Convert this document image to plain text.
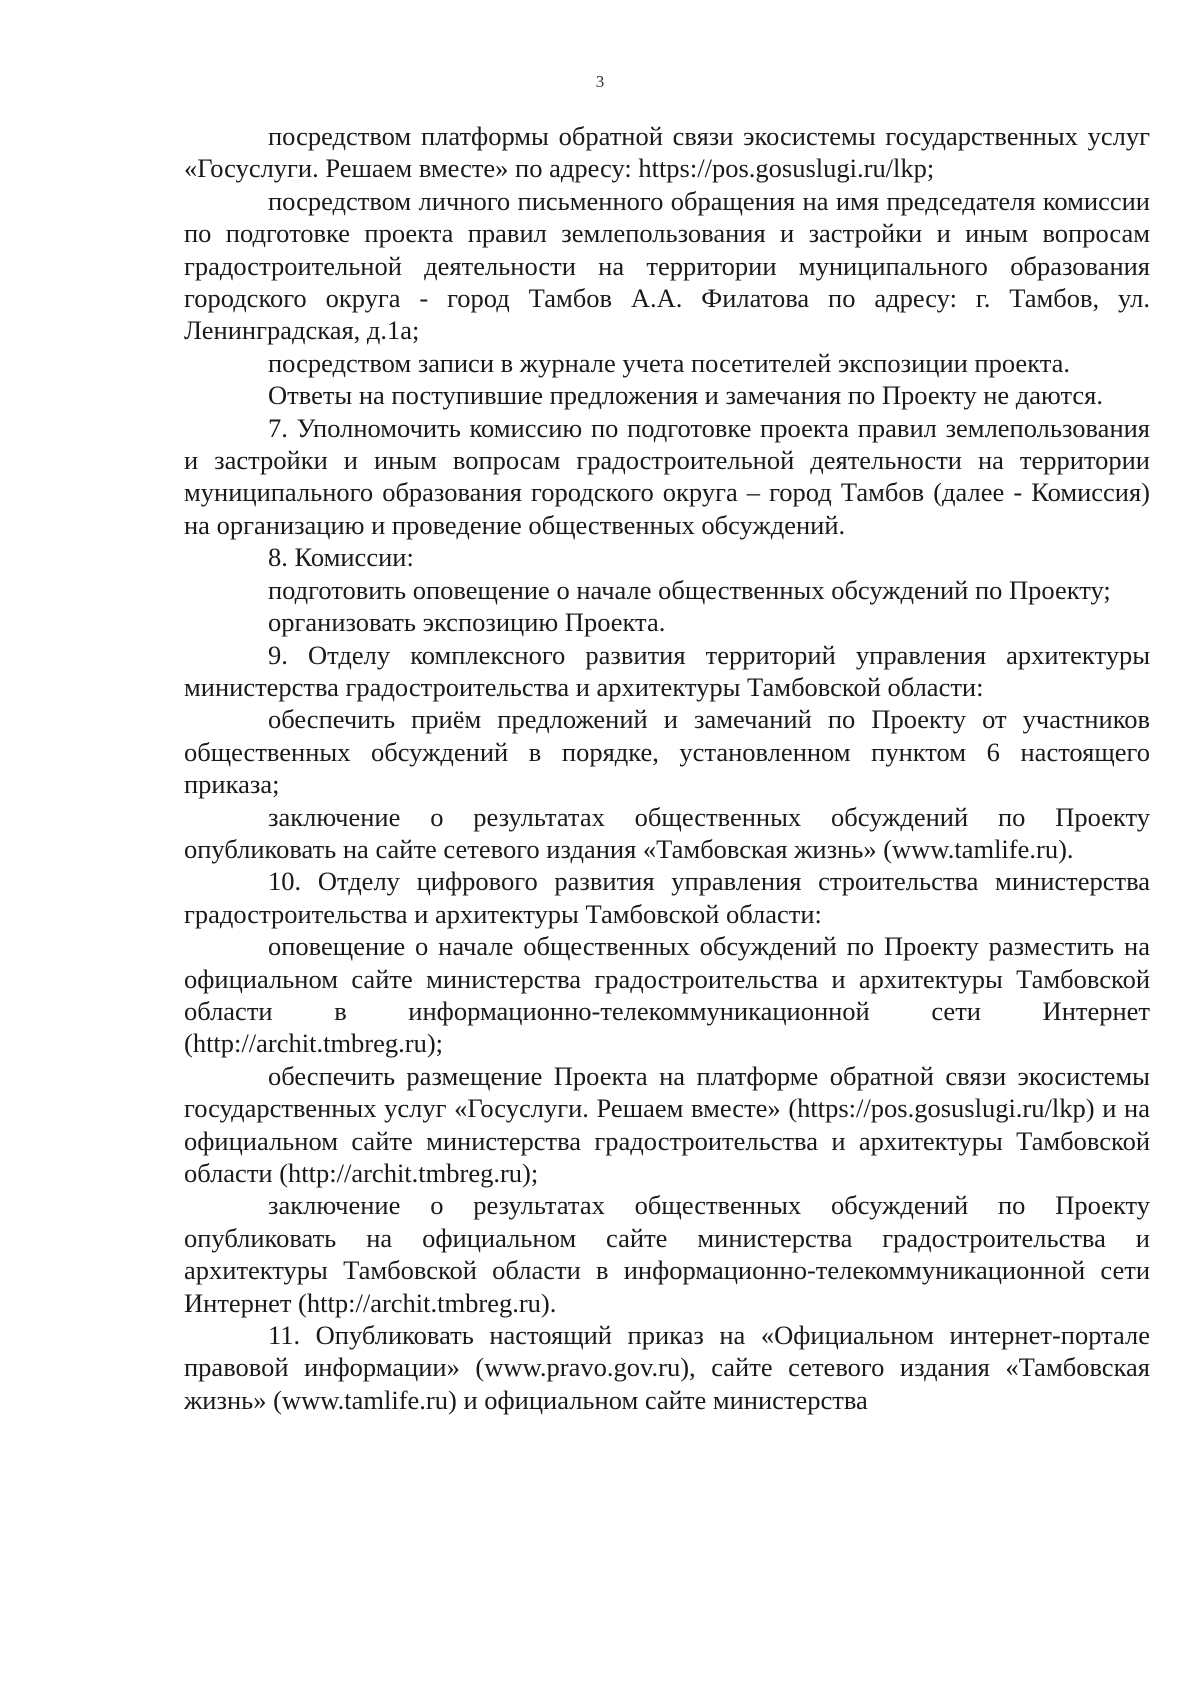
3

посредством платформы обратной связи экосистемы государственных услуг «Госуслуги. Решаем вместе» по адресу: https://pos.gosuslugi.ru/lkp;

посредством личного письменного обращения на имя председателя комиссии по подготовке проекта правил землепользования и застройки и иным вопросам градостроительной деятельности на территории муниципального образования городского округа - город Тамбов А.А. Филатова по адресу: г. Тамбов, ул. Ленинградская, д.1а;

посредством записи в журнале учета посетителей экспозиции проекта.

Ответы на поступившие предложения и замечания по Проекту не даются.

7. Уполномочить комиссию по подготовке проекта правил землепользования и застройки и иным вопросам градостроительной деятельности на территории муниципального образования городского округа – город Тамбов (далее - Комиссия) на организацию и проведение общественных обсуждений.

8. Комиссии:

подготовить оповещение о начале общественных обсуждений по Проекту;

организовать экспозицию Проекта.

9. Отделу комплексного развития территорий управления архитектуры министерства градостроительства и архитектуры Тамбовской области:

обеспечить приём предложений и замечаний по Проекту от участников общественных обсуждений в порядке, установленном пунктом 6 настоящего приказа;

заключение о результатах общественных обсуждений по Проекту опубликовать на сайте сетевого издания «Тамбовская жизнь» (www.tamlife.ru).

10. Отделу цифрового развития управления строительства министерства градостроительства и архитектуры Тамбовской области:

оповещение о начале общественных обсуждений по Проекту разместить на официальном сайте министерства градостроительства и архитектуры Тамбовской области в информационно-телекоммуникационной сети Интернет (http://archit.tmbreg.ru);

обеспечить размещение Проекта на платформе обратной связи экосистемы государственных услуг «Госуслуги. Решаем вместе» (https://pos.gosuslugi.ru/lkp) и на официальном сайте министерства градостроительства и архитектуры Тамбовской области (http://archit.tmbreg.ru);

заключение о результатах общественных обсуждений по Проекту опубликовать на официальном сайте министерства градостроительства и архитектуры Тамбовской области в информационно-телекоммуникационной сети Интернет (http://archit.tmbreg.ru).

11. Опубликовать настоящий приказ на «Официальном интернет-портале правовой информации» (www.pravo.gov.ru), сайте сетевого издания «Тамбовская жизнь» (www.tamlife.ru) и официальном сайте министерства
